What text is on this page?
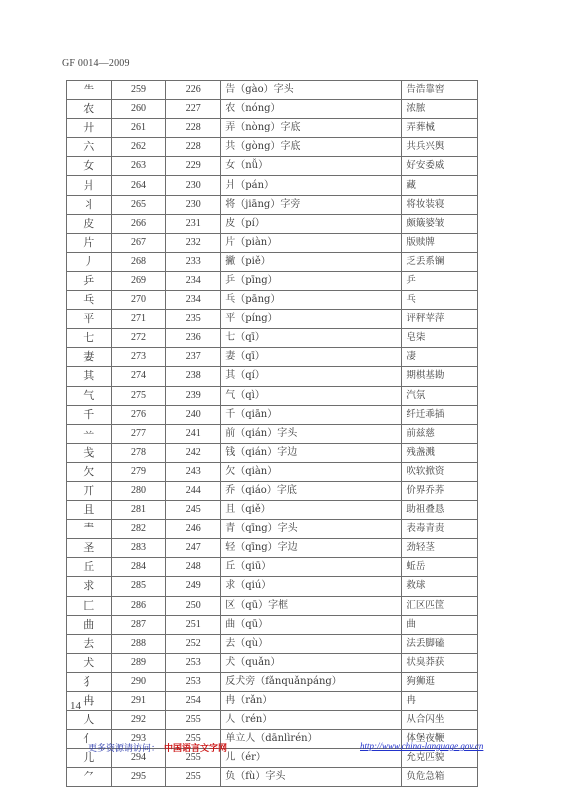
GF 0014—2009
⺧	259	226	告（gào）字头	告浩靠窖
农	260	227	农（nóng）	浓脓
廾	261	228	弄（nòng）字底	弄葬械
六	262	228	共（gòng）字底	共兵兴舆
女	263	229	女（nǚ）	好安委威
爿	264	230	爿（pán）	藏
丬	265	230	将（jiāng）字旁	将妆装寝
皮	266	231	皮（pí）	颇簸婆皱
片	267	232	片（piàn）	版赎牌
丿	268	233	撇（piě）	乏丢系镧
乒	269	234	乒（pīng）	乒
乓	270	234	乓（pāng）	乓
平	271	235	平（píng）	评秤苹萍
七	272	236	七（qī）	皂柒
妻	273	237	妻（qī）	凄
其	274	238	其（qí）	期棋基勘
气	275	239	气（qì）	汽氛
千	276	240	千（qiān）	纤迁乖插
䒑	277	241	前（qián）字头	前兹慈
戋	278	242	钱（qián）字边	残盏溅
欠	279	243	欠（qiàn）	吹软掀资
丌	280	244	乔（qiáo）字底	价界乔荞
且	281	245	且（qiě）	助祖叠恳
龶	282	246	青（qīng）字头	表毒青责
圣	283	247	轻（qīng）字边	劲轻茎
丘	284	248	丘（qiū）	蚯岳
求	285	249	求（qiú）	救球
匚	286	250	区（qū）字框	汇区匹筐
曲	287	251	曲（qū）	曲
去	288	252	去（qù）	法丢脚磕
犬	289	253	犬（quǎn）	状臭莽获
犭	290	253	反犬旁（fǎnquǎnpáng）	狗狮逛
冉	291	254	冉（rǎn）	冉
人	292	255	人（rén）	从合闪坐
亻	293	255	单立人（dānlìrén）	体堡夜鞭
儿	294	255	儿（ér）	允克匹貌
⺈	295	255	负（fù）字头	负危急箱
14
更多资源请访问： 中国语言文字网	http://www.china-language.gov.cn
